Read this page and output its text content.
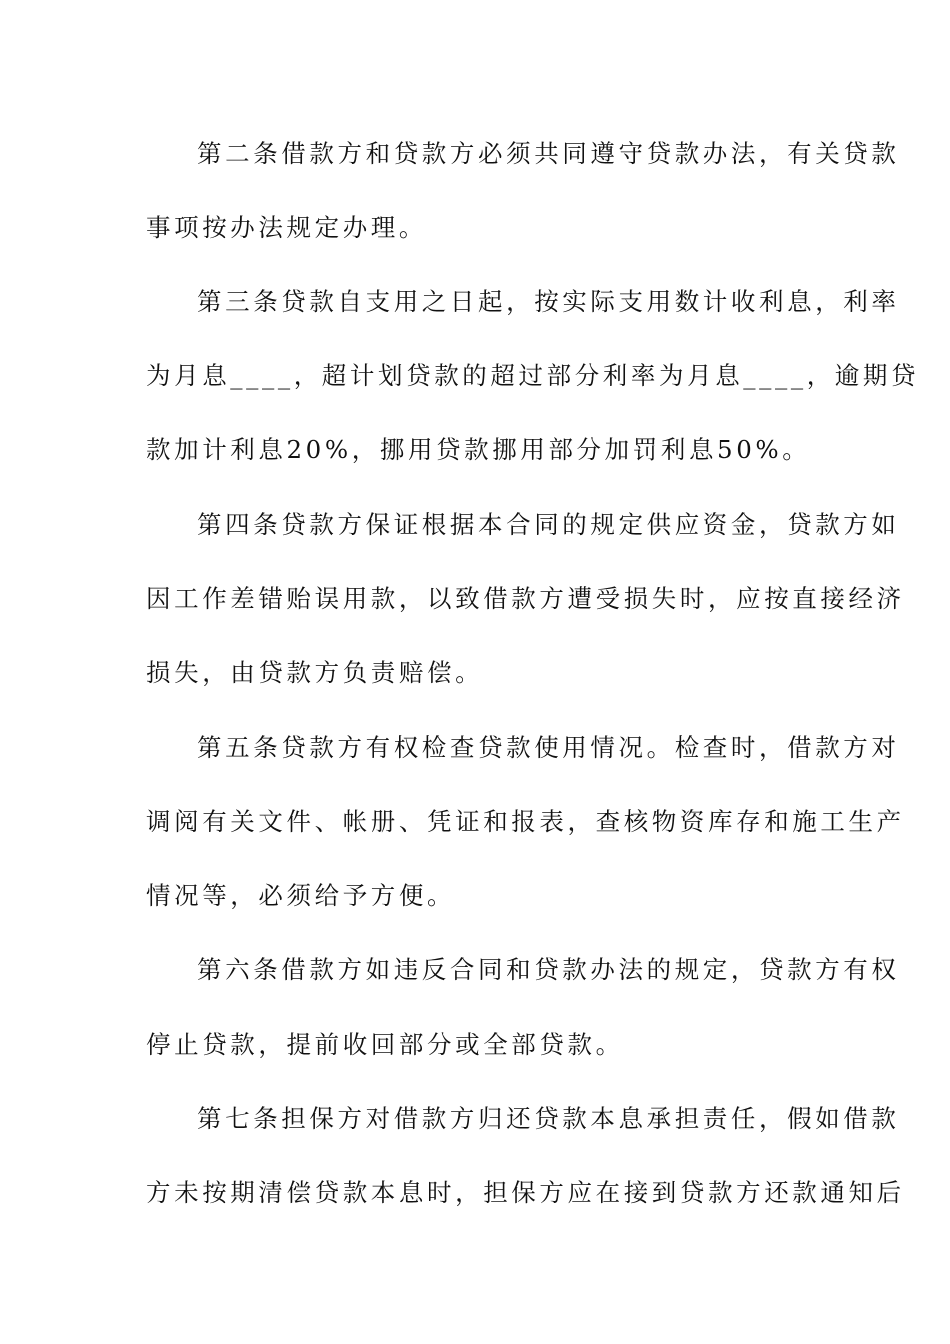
第二条借款方和贷款方必须共同遵守贷款办法，有关贷款
事项按办法规定办理。
第三条贷款自支用之日起，按实际支用数计收利息，利率
为月息____，超计划贷款的超过部分利率为月息____，逾期贷
款加计利息20%，挪用贷款挪用部分加罚利息50%。
第四条贷款方保证根据本合同的规定供应资金，贷款方如
因工作差错贻误用款，以致借款方遭受损失时，应按直接经济
损失，由贷款方负责赔偿。
第五条贷款方有权检查贷款使用情况。检查时，借款方对
调阅有关文件、帐册、凭证和报表，查核物资库存和施工生产
情况等，必须给予方便。
第六条借款方如违反合同和贷款办法的规定，贷款方有权
停止贷款，提前收回部分或全部贷款。
第七条担保方对借款方归还贷款本息承担责任，假如借款
方未按期清偿贷款本息时，担保方应在接到贷款方还款通知后
